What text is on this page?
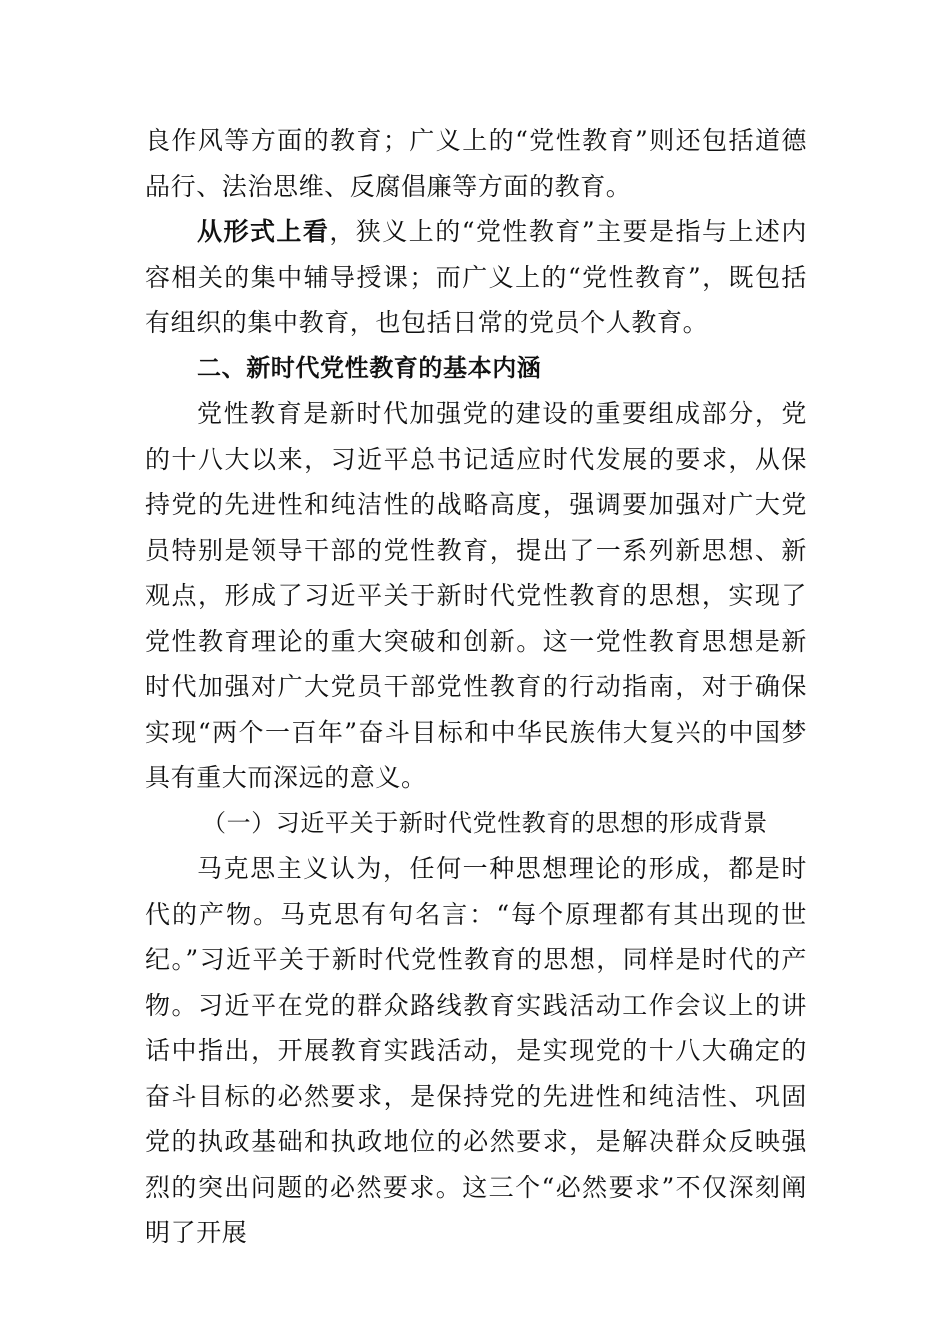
良作风等方面的教育；广义上的“党性教育”则还包括道德品行、法治思维、反腐倡廉等方面的教育。

从形式上看，狭义上的“党性教育”主要是指与上述内容相关的集中辅导授课；而广义上的“党性教育”，既包括有组织的集中教育，也包括日常的党员个人教育。

二、新时代党性教育的基本内涵

党性教育是新时代加强党的建设的重要组成部分，党的十八大以来，习近平总书记适应时代发展的要求，从保持党的先进性和纯洁性的战略高度，强调要加强对广大党员特别是领导干部的党性教育，提出了一系列新思想、新观点，形成了习近平关于新时代党性教育的思想，实现了党性教育理论的重大突破和创新。这一党性教育思想是新时代加强对广大党员干部党性教育的行动指南，对于确保实现“两个一百年”奋斗目标和中华民族伟大复兴的中国梦具有重大而深远的意义。

（一）习近平关于新时代党性教育的思想的形成背景

马克思主义认为，任何一种思想理论的形成，都是时代的产物。马克思有句名言：“每个原理都有其出现的世纪。”习近平关于新时代党性教育的思想，同样是时代的产物。习近平在党的群众路线教育实践活动工作会议上的讲话中指出，开展教育实践活动，是实现党的十八大确定的奋斗目标的必然要求，是保持党的先进性和纯洁性、巩固党的执政基础和执政地位的必然要求，是解决群众反映强烈的突出问题的必然要求。这三个“必然要求”不仅深刻阐明了开展
